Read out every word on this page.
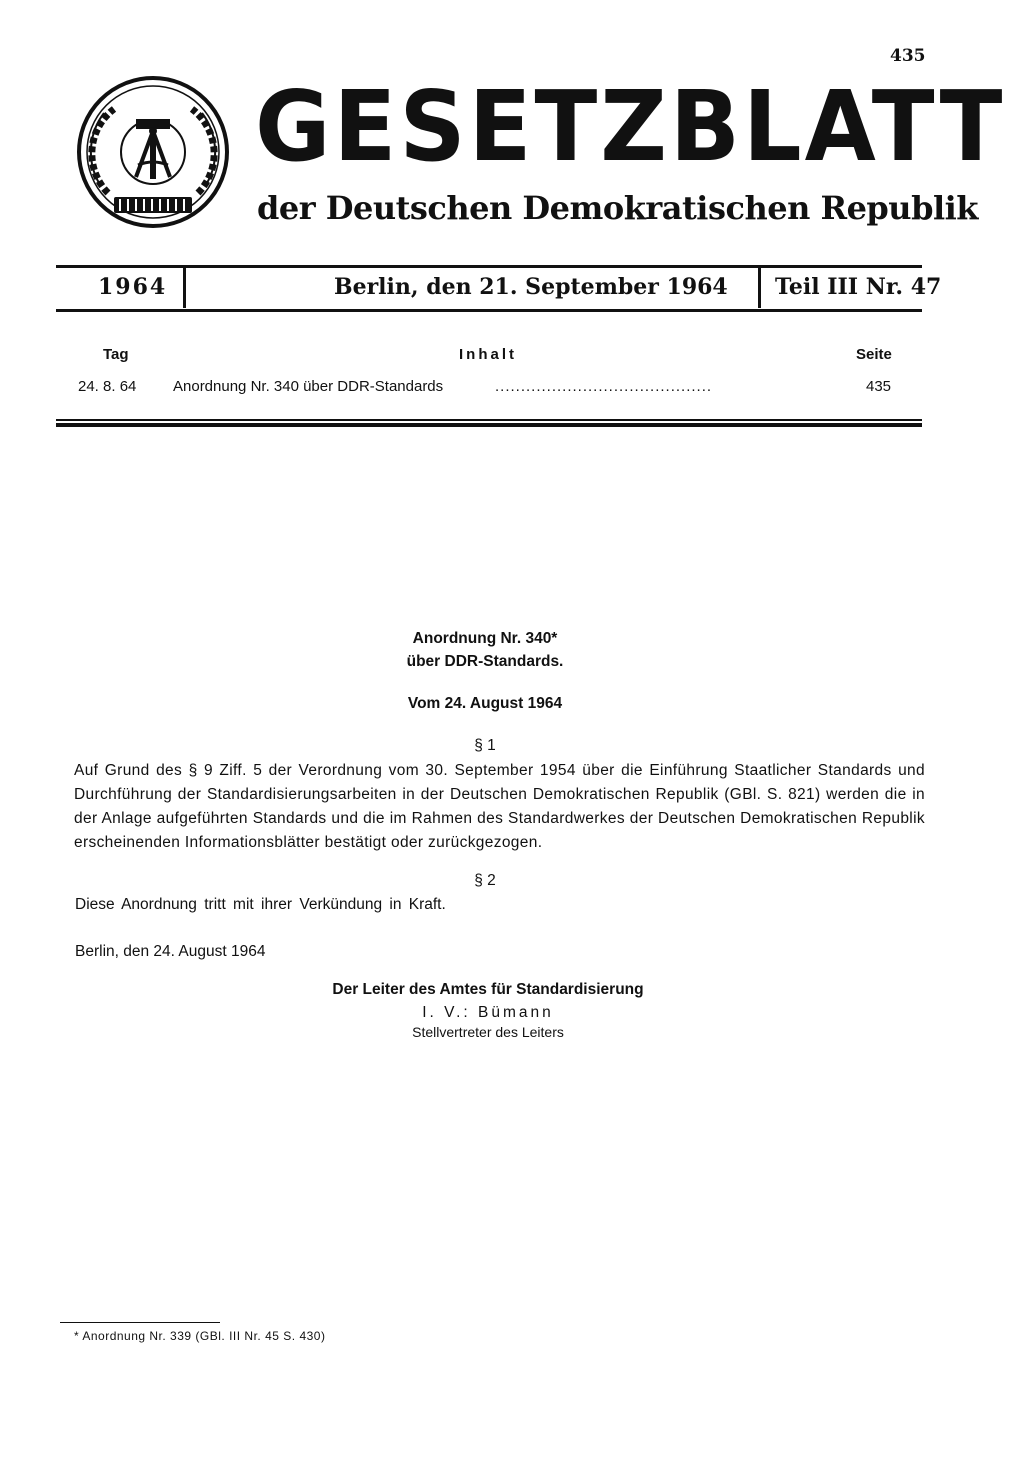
435
GESETZBLATT
der Deutschen Demokratischen Republik
1964	Berlin, den 21. September 1964 Teil III Nr. 47
Tag	Inhalt	Seite
24. 8. 64 Anordnung Nr. 340 über DDR-Standards	..........................................	435
Anordnung Nr. 340*
über DDR-Standards.
Vom 24. August 1964
§ 1
Auf Grund des § 9 Ziff. 5 der Verordnung vom 30. September 1954 über die Einführung Staatlicher Standards und Durchführung der Standardisierungsarbeiten in der Deutschen Demokratischen Republik (GBl. S. 821) werden die in der Anlage aufgeführten Standards und die im Rahmen des Standardwerkes der Deutschen Demokratischen Republik erscheinenden Informationsblätter bestätigt oder zurückgezogen.
§ 2
Diese Anordnung tritt mit ihrer Verkündung in Kraft.
Berlin, den 24. August 1964
Der Leiter des Amtes für Standardisierung
I. V.: Bümann
Stellvertreter des Leiters
* Anordnung Nr. 339 (GBl. III Nr. 45 S. 430)
